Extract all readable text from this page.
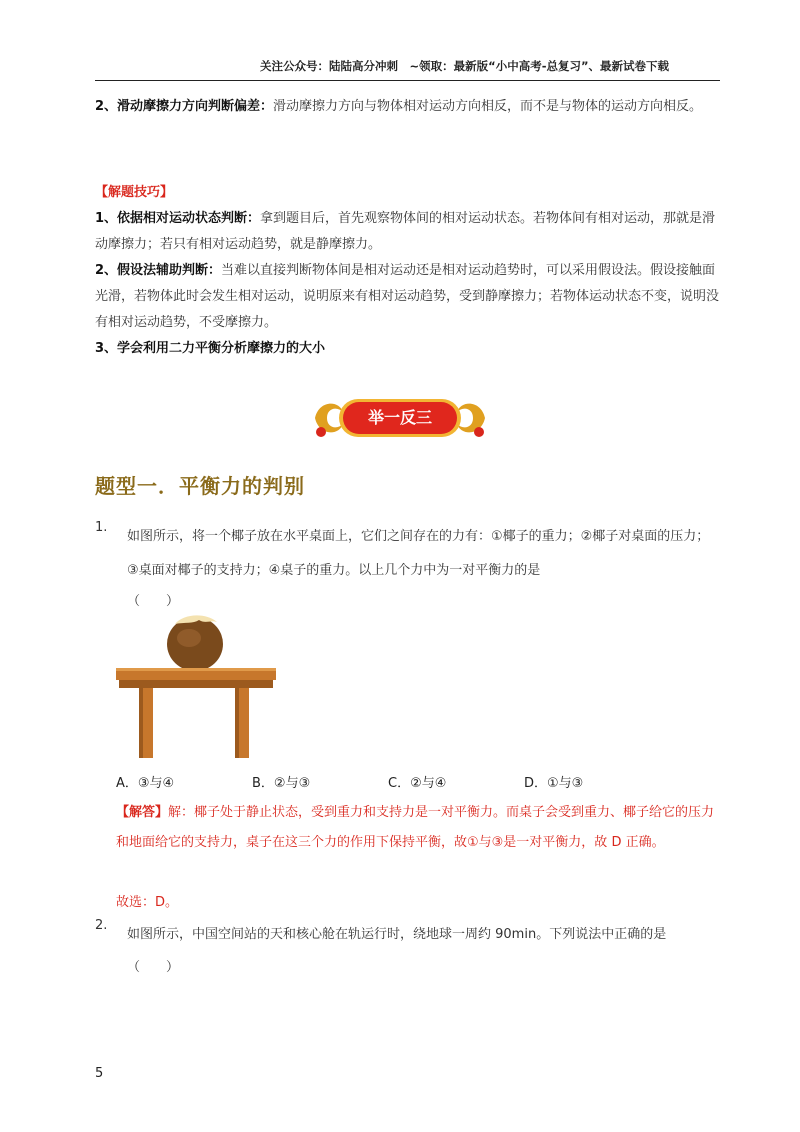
关注公众号：陆陆高分冲刺　~领取：最新版“小中高考-总复习”、最新试卷下载
2、滑动摩擦力方向判断偏差：滑动摩擦力方向与物体相对运动方向相反，而不是与物体的运动方向相反。
【解题技巧】
1、依据相对运动状态判断：拿到题目后，首先观察物体间的相对运动状态。若物体间有相对运动，那就是滑动摩擦力；若只有相对运动趋势，就是静摩擦力。
2、假设法辅助判断：当难以直接判断物体间是相对运动还是相对运动趋势时，可以采用假设法。假设接触面光滑，若物体此时会发生相对运动，说明原来有相对运动趋势，受到静摩擦力；若物体运动状态不变，说明没有相对运动趋势，不受摩擦力。
3、学会利用二力平衡分析摩擦力的大小
举一反三
题型一．平衡力的判别
1.
如图所示，将一个椰子放在水平桌面上，它们之间存在的力有：①椰子的重力；②椰子对桌面的压力；③桌面对椰子的支持力；④桌子的重力。以上几个力中为一对平衡力的是
（　　）
A．③与④	B．②与③	C．②与④	D．①与③
【解答】解：椰子处于静止状态，受到重力和支持力是一对平衡力。而桌子会受到重力、椰子给它的压力和地面给它的支持力，桌子在这三个力的作用下保持平衡，故①与③是一对平衡力，故 D 正确。
故选：D。
2.
如图所示，中国空间站的天和核心舱在轨运行时，绕地球一周约 90min。下列说法中正确的是
（　　）
5
